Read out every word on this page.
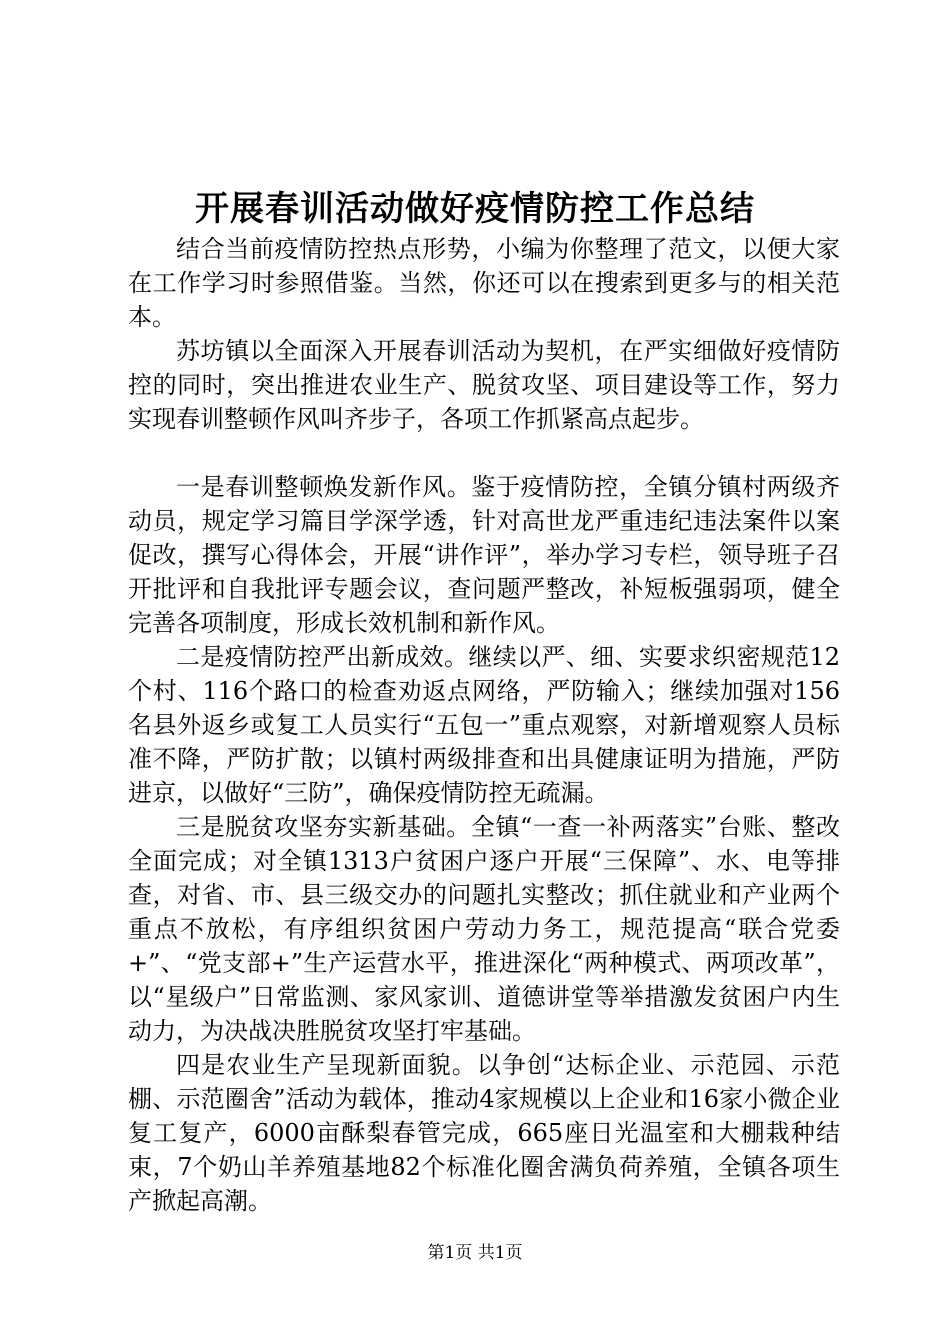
开展春训活动做好疫情防控工作总结

结合当前疫情防控热点形势，小编为你整理了范文，以便大家在工作学习时参照借鉴。当然，你还可以在搜索到更多与的相关范本。

苏坊镇以全面深入开展春训活动为契机，在严实细做好疫情防控的同时，突出推进农业生产、脱贫攻坚、项目建设等工作，努力实现春训整顿作风叫齐步子，各项工作抓紧高点起步。

一是春训整顿焕发新作风。鉴于疫情防控，全镇分镇村两级齐动员，规定学习篇目学深学透，针对高世龙严重违纪违法案件以案促改，撰写心得体会，开展“讲作评”，举办学习专栏，领导班子召开批评和自我批评专题会议，查问题严整改，补短板强弱项，健全完善各项制度，形成长效机制和新作风。

二是疫情防控严出新成效。继续以严、细、实要求织密规范12个村、116个路口的检查劝返点网络，严防输入；继续加强对156名县外返乡或复工人员实行“五包一”重点观察，对新增观察人员标准不降，严防扩散；以镇村两级排查和出具健康证明为措施，严防进京，以做好“三防”，确保疫情防控无疏漏。

三是脱贫攻坚夯实新基础。全镇“一查一补两落实”台账、整改全面完成；对全镇1313户贫困户逐户开展“三保障”、水、电等排查，对省、市、县三级交办的问题扎实整改；抓住就业和产业两个重点不放松，有序组织贫困户劳动力务工，规范提高“联合党委+”、“党支部+”生产运营水平，推进深化“两种模式、两项改革”，以“星级户”日常监测、家风家训、道德讲堂等举措激发贫困户内生动力，为决战决胜脱贫攻坚打牢基础。

四是农业生产呈现新面貌。以争创“达标企业、示范园、示范棚、示范圈舍”活动为载体，推动4家规模以上企业和16家小微企业复工复产，6000亩酥梨春管完成，665座日光温室和大棚栽种结束，7个奶山羊养殖基地82个标准化圈舍满负荷养殖，全镇各项生产掀起高潮。

第1页 共1页
